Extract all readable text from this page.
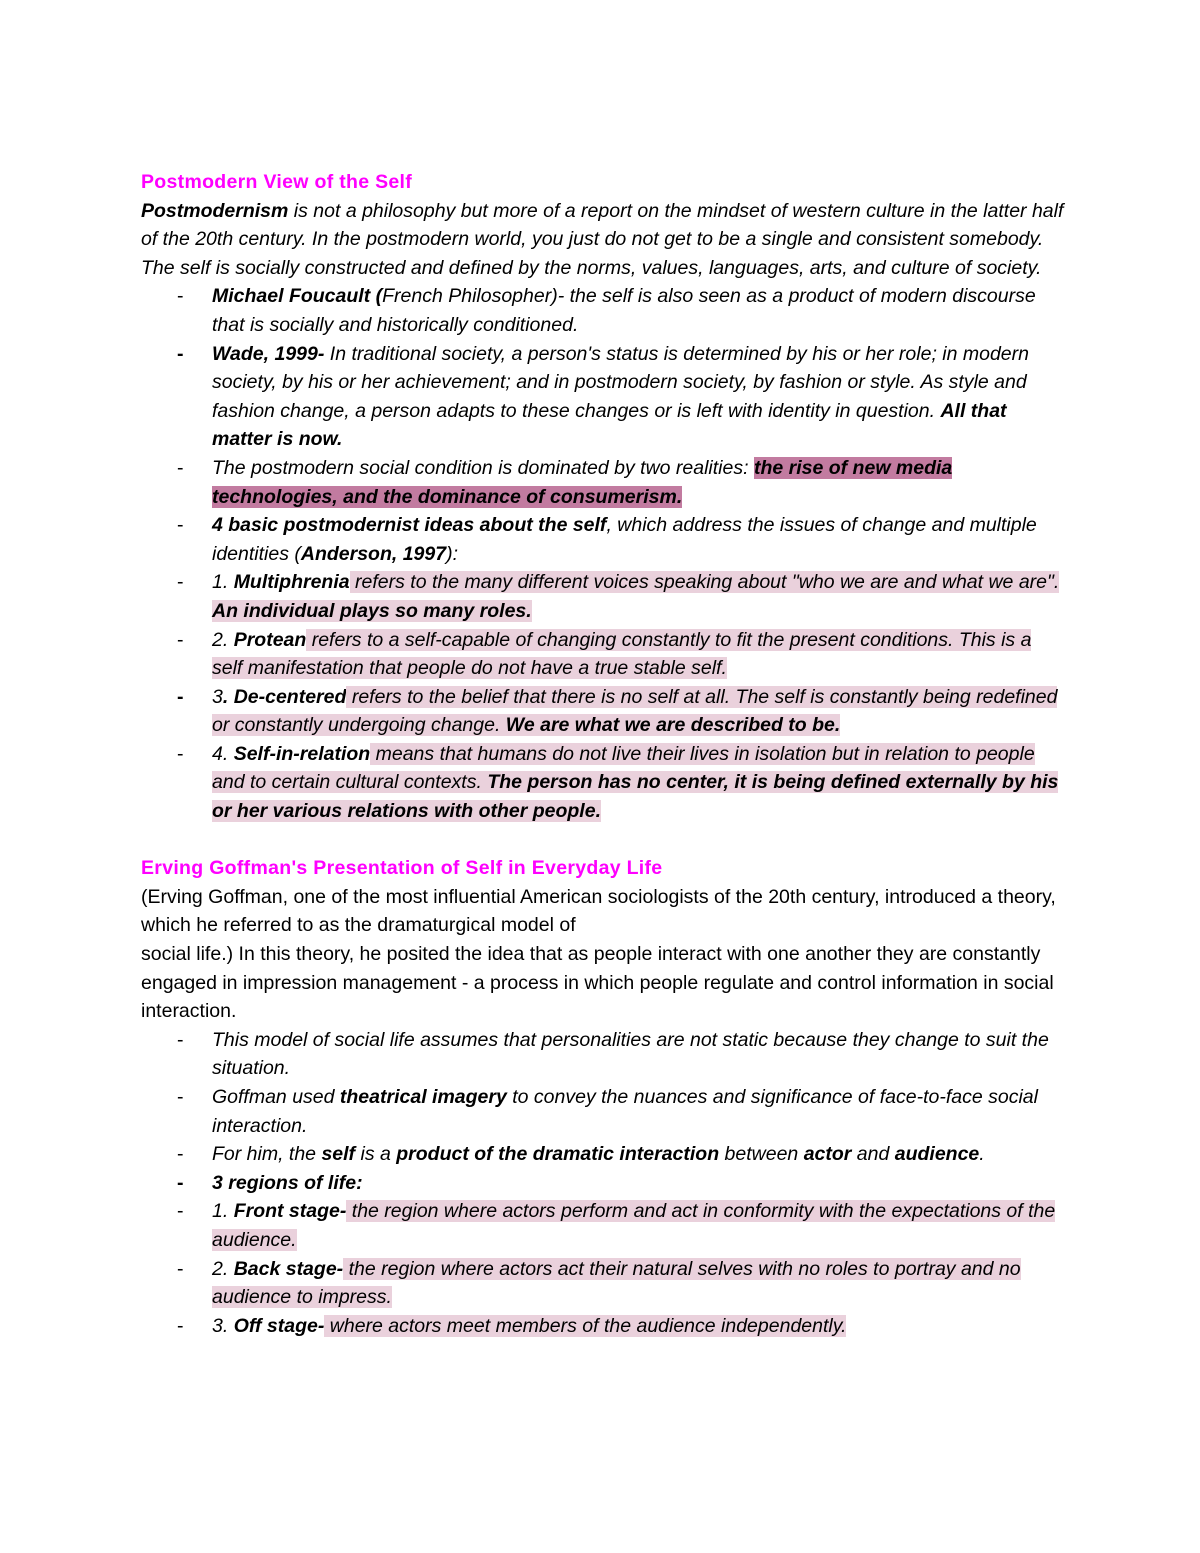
Postmodern View of the Self
Postmodernism is not a philosophy but more of a report on the mindset of western culture in the latter half of the 20th century. In the postmodern world, you just do not get to be a single and consistent somebody. The self is socially constructed and defined by the norms, values, languages, arts, and culture of society.
- Michael Foucault (French Philosopher)- the self is also seen as a product of modern discourse that is socially and historically conditioned.
- Wade, 1999- In traditional society, a person's status is determined by his or her role; in modern society, by his or her achievement; and in postmodern society, by fashion or style. As style and fashion change, a person adapts to these changes or is left with identity in question. All that matter is now.
- The postmodern social condition is dominated by two realities: the rise of new media technologies, and the dominance of consumerism.
- 4 basic postmodernist ideas about the self, which address the issues of change and multiple identities (Anderson, 1997):
- 1. Multiphrenia refers to the many different voices speaking about "who we are and what we are". An individual plays so many roles.
- 2. Protean refers to a self-capable of changing constantly to fit the present conditions. This is a self manifestation that people do not have a true stable self.
- 3. De-centered refers to the belief that there is no self at all. The self is constantly being redefined or constantly undergoing change. We are what we are described to be.
- 4. Self-in-relation means that humans do not live their lives in isolation but in relation to people and to certain cultural contexts. The person has no center, it is being defined externally by his or her various relations with other people.
Erving Goffman's Presentation of Self in Everyday Life
(Erving Goffman, one of the most influential American sociologists of the 20th century, introduced a theory, which he referred to as the dramaturgical model of
social life.) In this theory, he posited the idea that as people interact with one another they are constantly engaged in impression management - a process in which people regulate and control information in social interaction.
- This model of social life assumes that personalities are not static because they change to suit the situation.
- Goffman used theatrical imagery to convey the nuances and significance of face-to-face social interaction.
- For him, the self is a product of the dramatic interaction between actor and audience.
- 3 regions of life:
- 1. Front stage- the region where actors perform and act in conformity with the expectations of the audience.
- 2. Back stage- the region where actors act their natural selves with no roles to portray and no audience to impress.
- 3. Off stage- where actors meet members of the audience independently.
